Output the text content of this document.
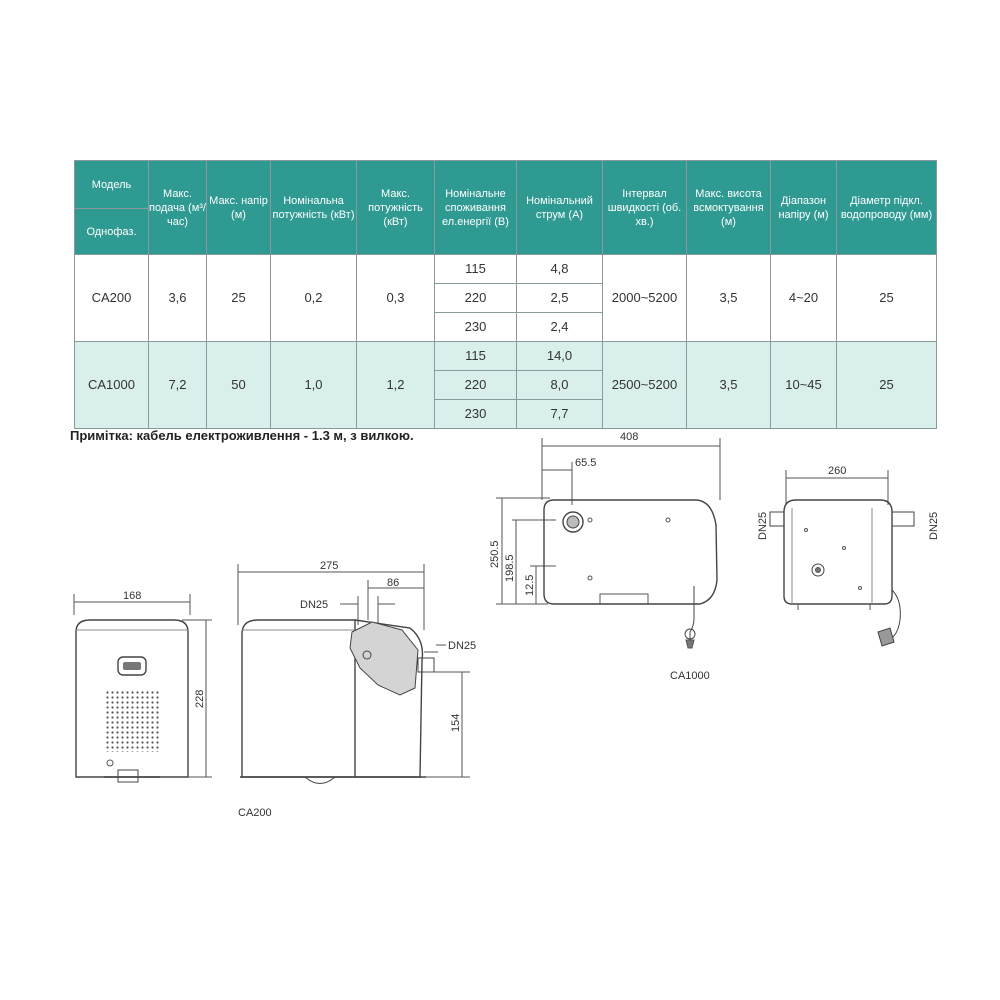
Модель	Макс. подача (м³/час)	Макс. напір (м)	Номінальна потужність (кВт)	Макс. потужність (кВт)	Номінальне споживання ел.енергії (В)	Номінальний струм (А)	Інтервал швидкості (об. хв.)	Макс. висота всмоктування (м)	Діапазон напіру (м)	Діаметр підкл. водопроводу (мм)
Однофаз.										
CA200	3,6	25	0,2	0,3	115	4,8	2000~5200	3,5	4~20	25
					220	2,5				
					230	2,4				
CA1000	7,2	50	1,0	1,2	115	14,0	2500~5200	3,5	10~45	25
					220	8,0				
					230	7,7				
Примітка: кабель електроживлення - 1.3 м, з вилкою.
168
228
275
86
DN25
DN25
154
CA200
408
65.5
250.5
198.5
12.5
CA1000
260
DN25	DN25
